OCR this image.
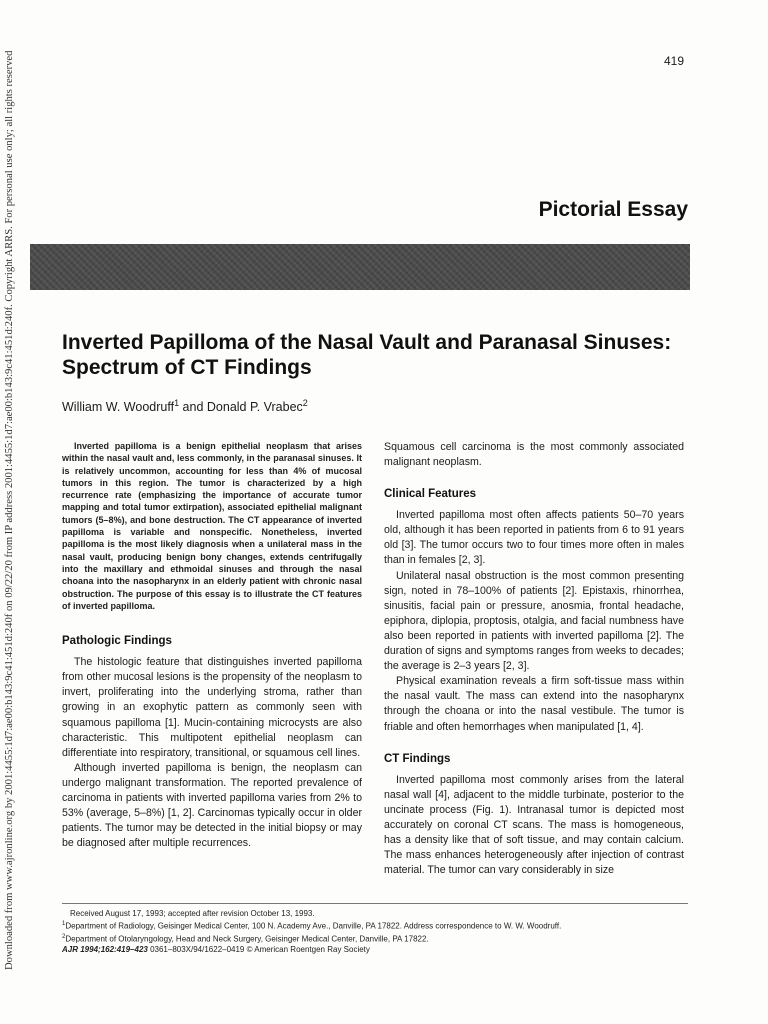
Downloaded from www.ajronline.org by 2001:4455:1d7:ae00:b143:9c41:451d:240f on 09/22/20 from IP address 2001:4455:1d7:ae00:b143:9c41:451d:240f. Copyright ARRS. For personal use only; all rights reserved	419
Pictorial Essay
Inverted Papilloma of the Nasal Vault and Paranasal Sinuses: Spectrum of CT Findings
William W. Woodruff$^1$ and Donald P. Vrabec$^2$

Inverted papilloma is a benign epithelial neoplasm that arises within the nasal vault and, less commonly, in the paranasal sinuses. It is relatively uncommon, accounting for less than 4% of mucosal tumors in this region. The tumor is characterized by a high recurrence rate (emphasizing the importance of accurate tumor mapping and total tumor extirpation), associated epithelial malignant tumors (5–8%), and bone destruction. The CT appearance of inverted papilloma is variable and nonspecific. Nonetheless, inverted papilloma is the most likely diagnosis when a unilateral mass in the nasal vault, producing benign bony changes, extends centrifugally into the maxillary and ethmoidal sinuses and through the nasal choana into the nasopharynx in an elderly patient with chronic nasal obstruction. The purpose of this essay is to illustrate the CT features of inverted papilloma.

Pathologic Findings

The histologic feature that distinguishes inverted papilloma from other mucosal lesions is the propensity of the neoplasm to invert, proliferating into the underlying stroma, rather than growing in an exophytic pattern as commonly seen with squamous papilloma [1]. Mucin-containing microcysts are also characteristic. This multipotent epithelial neoplasm can differentiate into respiratory, transitional, or squamous cell lines.

Although inverted papilloma is benign, the neoplasm can undergo malignant transformation. The reported prevalence of carcinoma in patients with inverted papilloma varies from 2% to 53% (average, 5–8%) [1, 2]. Carcinomas typically occur in older patients. The tumor may be detected in the initial biopsy or may be diagnosed after multiple recurrences.

Squamous cell carcinoma is the most commonly associated malignant neoplasm.

Clinical Features

Inverted papilloma most often affects patients 50–70 years old, although it has been reported in patients from 6 to 91 years old [3]. The tumor occurs two to four times more often in males than in females [2, 3].

Unilateral nasal obstruction is the most common presenting sign, noted in 78–100% of patients [2]. Epistaxis, rhinorrhea, sinusitis, facial pain or pressure, anosmia, frontal headache, epiphora, diplopia, proptosis, otalgia, and facial numbness have also been reported in patients with inverted papilloma [2]. The duration of signs and symptoms ranges from weeks to decades; the average is 2–3 years [2, 3].

Physical examination reveals a firm soft-tissue mass within the nasal vault. The mass can extend into the nasopharynx through the choana or into the nasal vestibule. The tumor is friable and often hemorrhages when manipulated [1, 4].

CT Findings

Inverted papilloma most commonly arises from the lateral nasal wall [4], adjacent to the middle turbinate, posterior to the uncinate process (Fig. 1). Intranasal tumor is depicted most accurately on coronal CT scans. The mass is homogeneous, has a density like that of soft tissue, and may contain calcium. The mass enhances heterogeneously after injection of contrast material. The tumor can vary considerably in size

Received August 17, 1993; accepted after revision October 13, 1993.
$^1$Department of Radiology, Geisinger Medical Center, 100 N. Academy Ave., Danville, PA 17822. Address correspondence to W. W. Woodruff.
$^2$Department of Otolaryngology, Head and Neck Surgery, Geisinger Medical Center, Danville, PA 17822.
AJR 1994;162:419–423 0361–803X/94/1622–0419 © American Roentgen Ray Society
